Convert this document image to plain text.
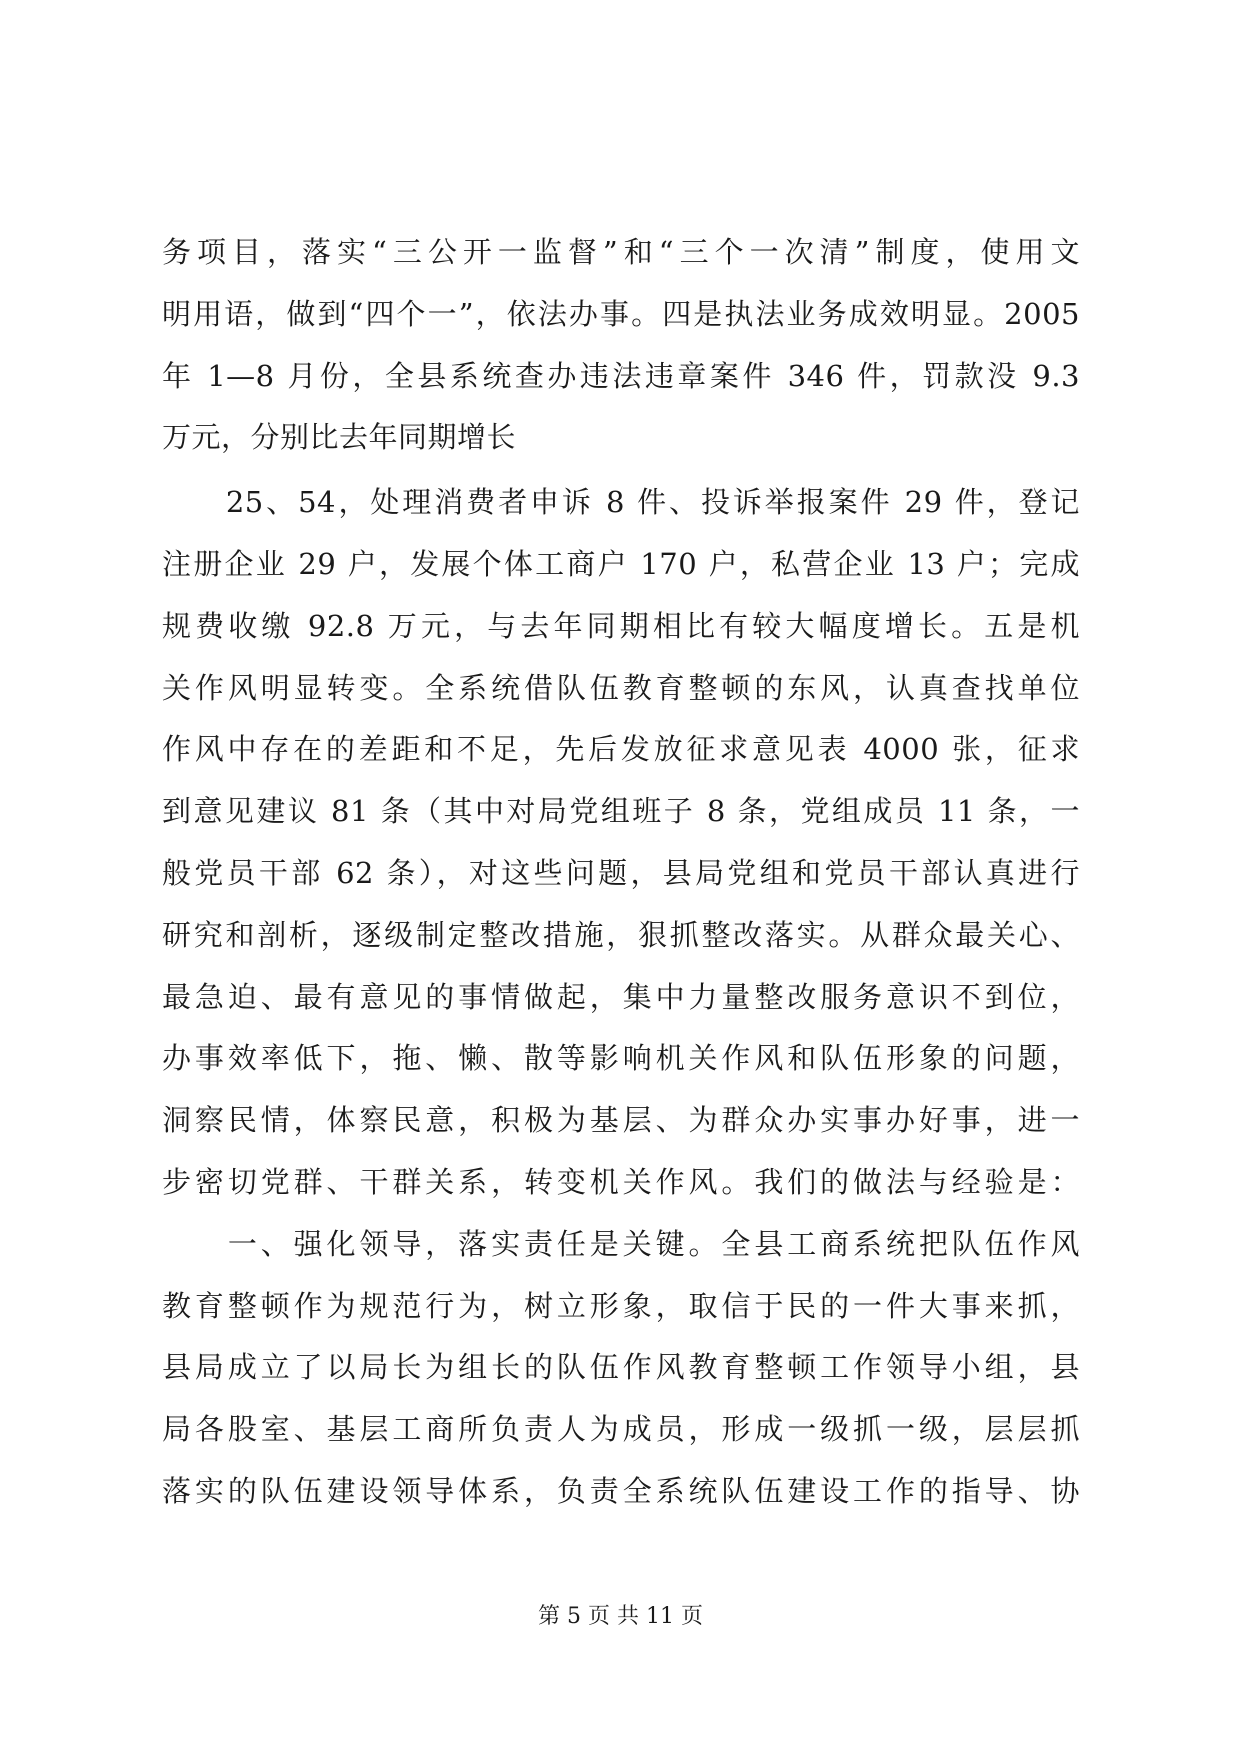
务项目，落实“三公开一监督”和“三个一次清”制度，使用文
明用语，做到“四个一”，依法办事。四是执法业务成效明显。2005
年 1—8 月份，全县系统查办违法违章案件 346 件，罚款没 9.3
万元，分别比去年同期增长
　　25、54，处理消费者申诉 8 件、投诉举报案件 29 件，登记
注册企业 29 户，发展个体工商户 170 户，私营企业 13 户；完成
规费收缴 92.8 万元，与去年同期相比有较大幅度增长。五是机
关作风明显转变。全系统借队伍教育整顿的东风，认真查找单位
作风中存在的差距和不足，先后发放征求意见表 4000 张，征求
到意见建议 81 条（其中对局党组班子 8 条，党组成员 11 条，一
般党员干部 62 条），对这些问题，县局党组和党员干部认真进行
研究和剖析，逐级制定整改措施，狠抓整改落实。从群众最关心、
最急迫、最有意见的事情做起，集中力量整改服务意识不到位，
办事效率低下，拖、懒、散等影响机关作风和队伍形象的问题，
洞察民情，体察民意，积极为基层、为群众办实事办好事，进一
步密切党群、干群关系，转变机关作风。我们的做法与经验是：
　　一、强化领导，落实责任是关键。全县工商系统把队伍作风
教育整顿作为规范行为，树立形象，取信于民的一件大事来抓，
县局成立了以局长为组长的队伍作风教育整顿工作领导小组，县
局各股室、基层工商所负责人为成员，形成一级抓一级，层层抓
落实的队伍建设领导体系，负责全系统队伍建设工作的指导、协
第 5 页 共 11 页
